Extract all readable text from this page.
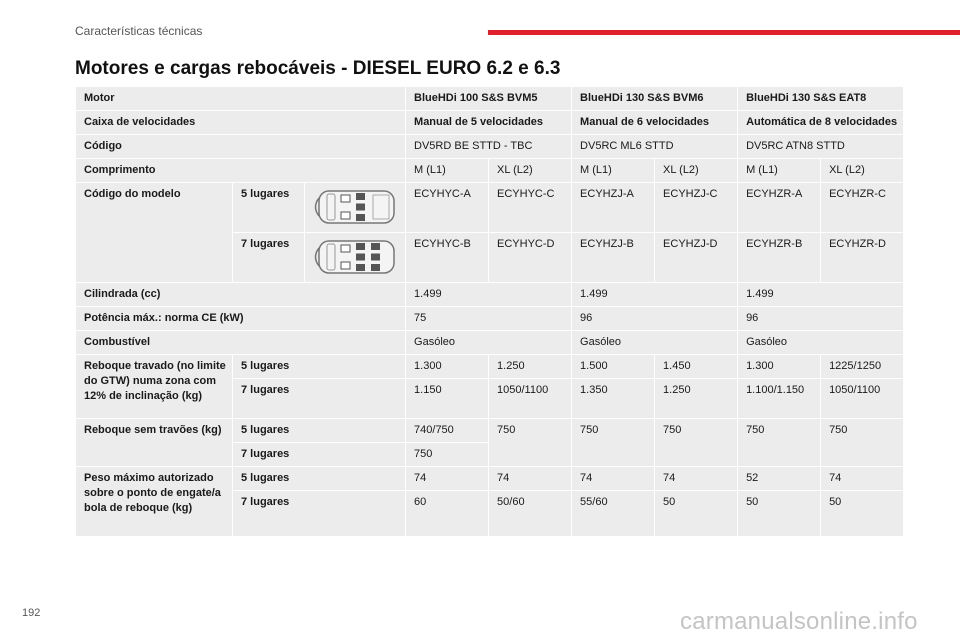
Características técnicas
Motores e cargas rebocáveis - DIESEL EURO 6.2 e 6.3
Motor			BlueHDi 100 S&S BVM5		BlueHDi 130 S&S BVM6		BlueHDi 130 S&S EAT8	
Caixa de velocidades			Manual de 5 velocidades		Manual de 6 velocidades		Automática de 8 velocidades	
Código			DV5RD BE STTD - TBC		DV5RC ML6 STTD		DV5RC ATN8 STTD	
Comprimento			M (L1)	XL (L2)	M (L1)	XL (L2)	M (L1)	XL (L2)
Código do modelo	5 lugares		ECYHYC-A	ECYHYC-C	ECYHZJ-A	ECYHZJ-C	ECYHZR-A	ECYHZR-C
	7 lugares		ECYHYC-B	ECYHYC-D	ECYHZJ-B	ECYHZJ-D	ECYHZR-B	ECYHZR-D
Cilindrada (cc)			1.499		1.499		1.499	
Potência máx.: norma CE (kW)			75		96		96	
Combustível			Gasóleo		Gasóleo		Gasóleo	
Reboque travado (no limite do GTW) numa zona com 12% de inclinação (kg)	5 lugares		1.300	1.250	1.500	1.450	1.300	1225/1250
	7 lugares		1.150	1050/1100	1.350	1.250	1.100/1.150	1050/1100
Reboque sem travões (kg)	5 lugares		740/750	750	750	750	750	750
	7 lugares		750					
Peso máximo autorizado sobre o ponto de engate/a bola de reboque (kg)	5 lugares		74	74	74	74	52	74
	7 lugares		60	50/60	55/60	50	50	50
192	carmanualsonline.info
